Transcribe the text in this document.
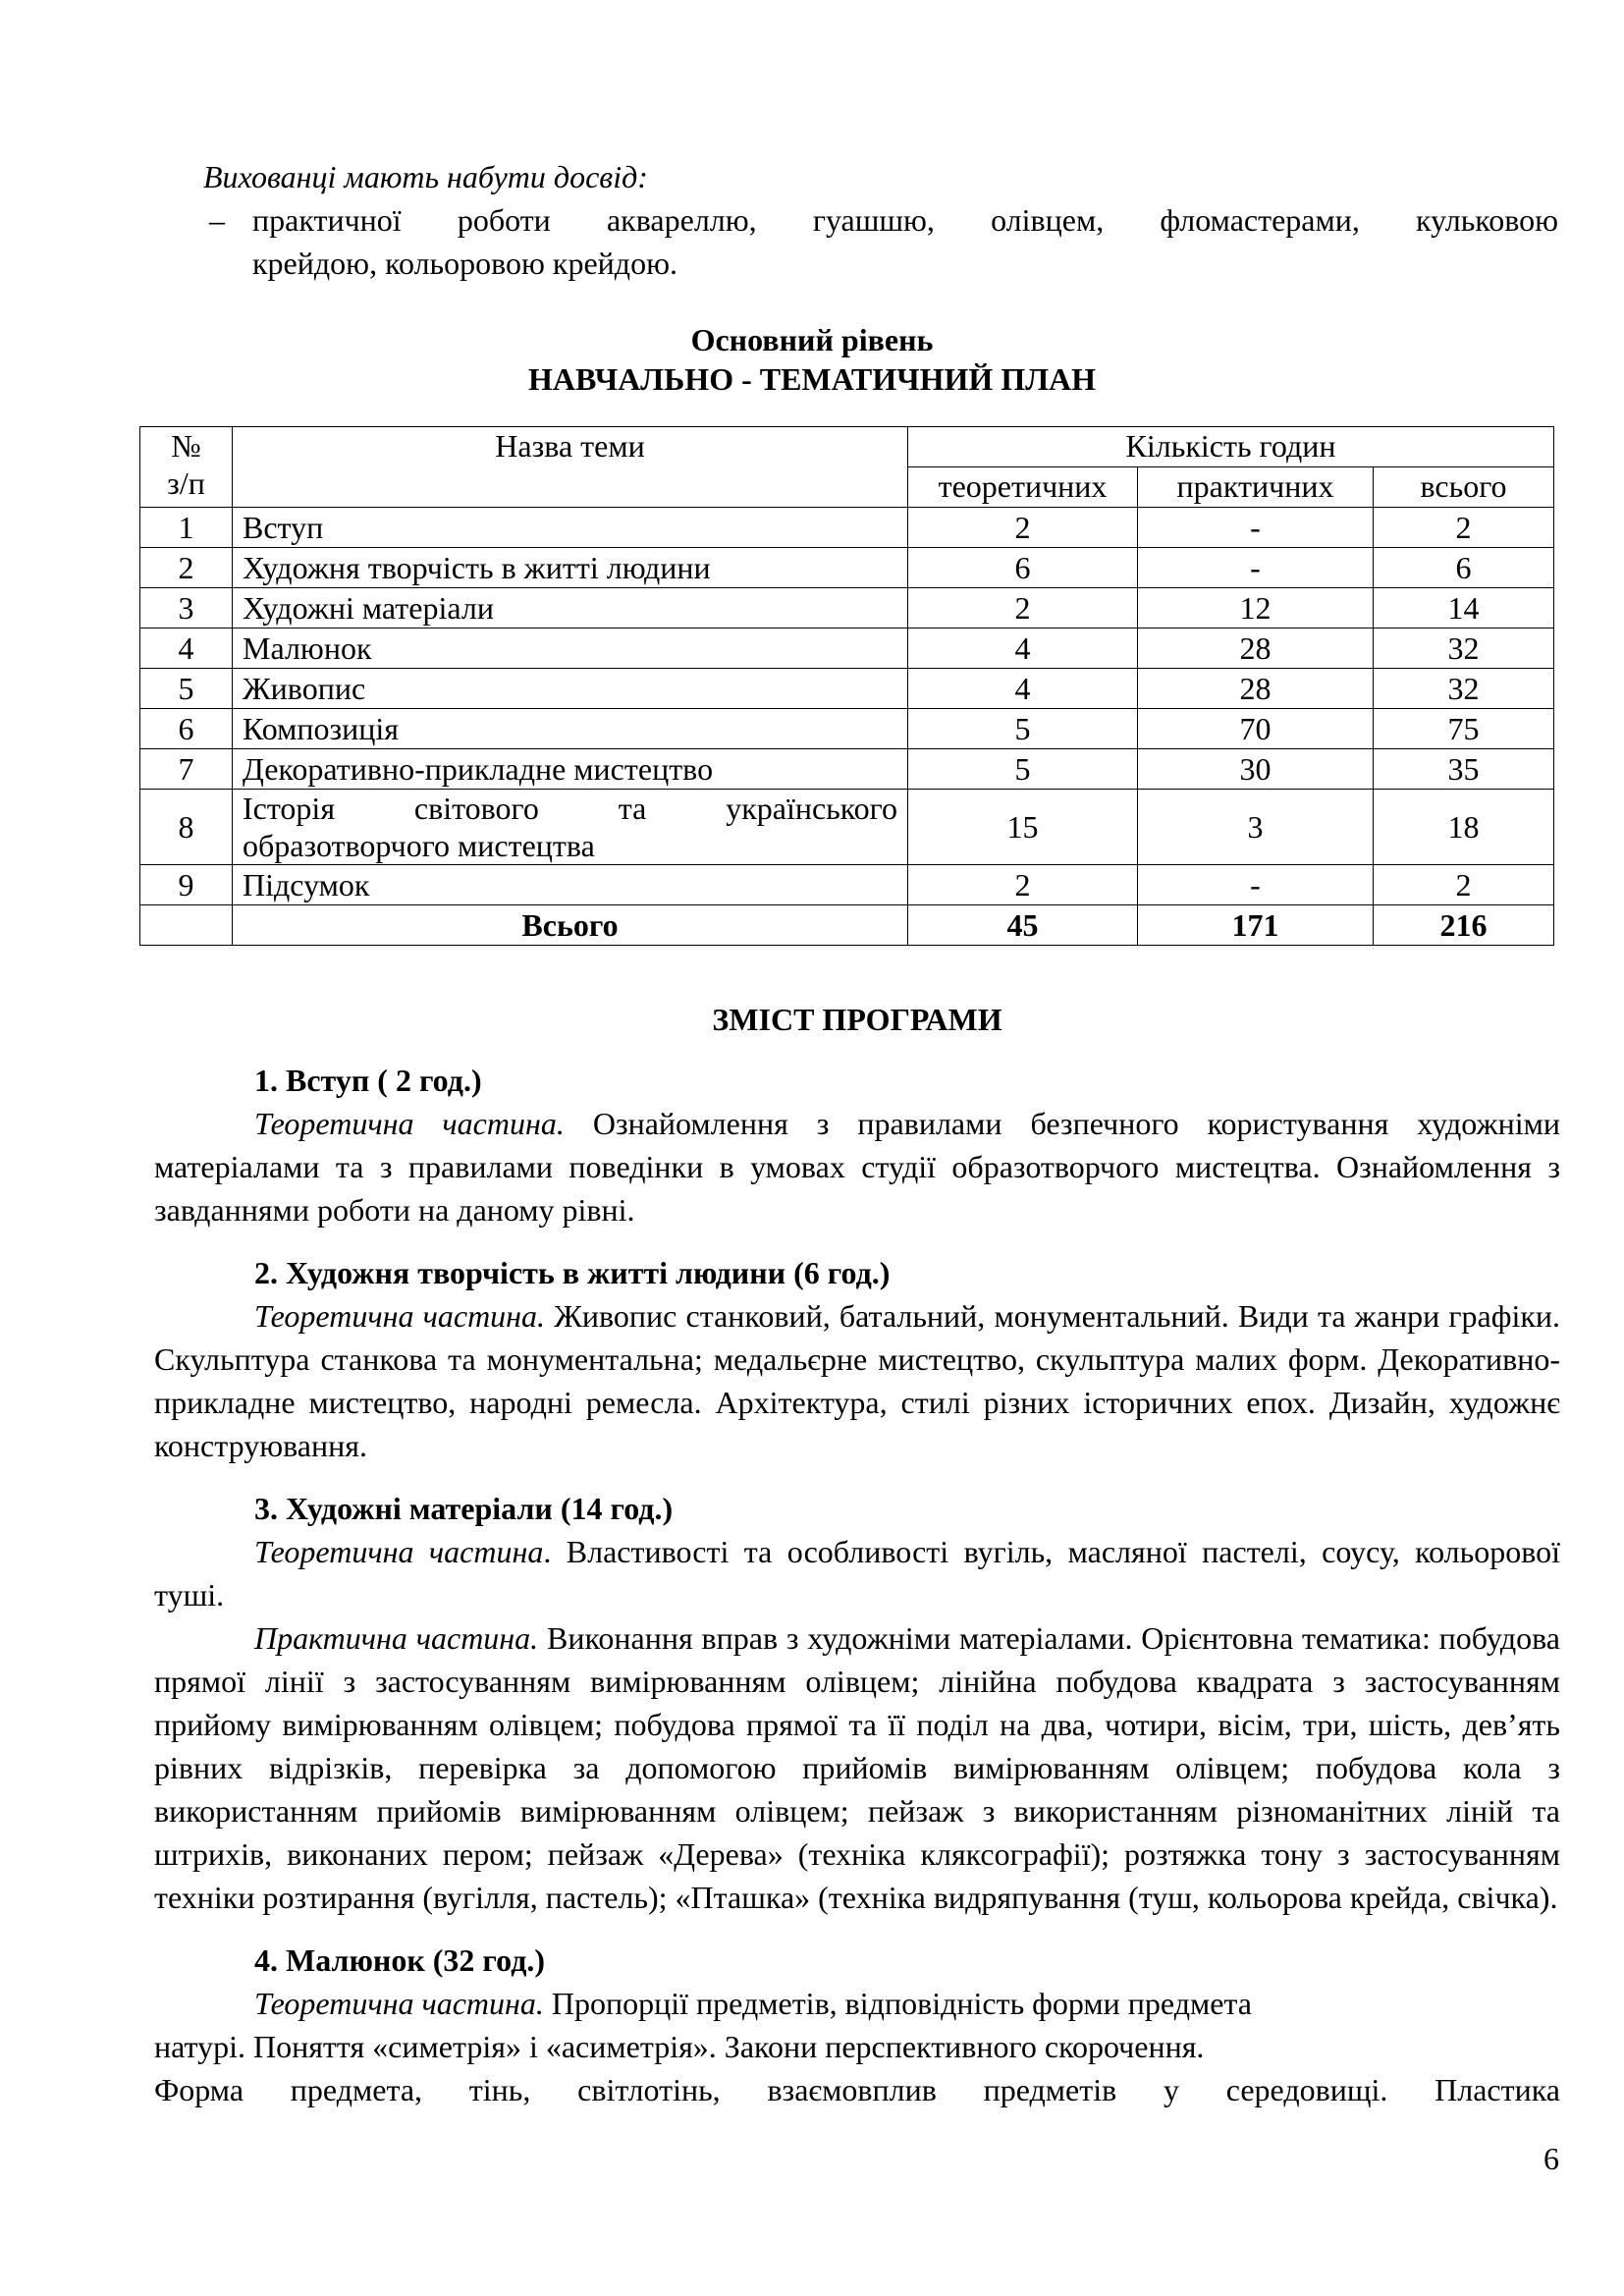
Вихованці мають набути досвід:
– практичної роботи аквареллю, гуашшю, олівцем, фломастерами, кульковою
крейдою, кольоровою крейдою.
Основний рівень
НАВЧАЛЬНО - ТЕМАТИЧНИЙ ПЛАН
№
з/п	Назва теми	Кількість годин		
		теоретичних	практичних	всього
1	Вступ	2	-	2
2	Художня творчість в житті людини	6	-	6
3	Художні матеріали	2	12	14
4	Малюнок	4	28	32
5	Живопис	4	28	32
6	Композиція	5	70	75
7	Декоративно-прикладне мистецтво	5	30	35
8	Історія світового та українського образотворчого мистецтва	15	3	18
9	Підсумок	2	-	2
	Всього	45	171	216
ЗМІСТ ПРОГРАМИ
1. Вступ ( 2 год.)
Теоретична частина. Ознайомлення з правилами безпечного користування художніми матеріалами та з правилами поведінки в умовах студії образотворчого мистецтва. Ознайомлення з завданнями роботи на даному рівні.
2. Художня творчість в житті людини (6 год.)
Теоретична частина. Живопис станковий, батальний, монументальний. Види та жанри графіки. Скульптура станкова та монументальна; медальєрне мистецтво, скульптура малих форм. Декоративно-прикладне мистецтво, народні ремесла. Архітектура, стилі різних історичних епох. Дизайн, художнє конструювання.
3. Художні матеріали (14 год.)
Теоретична частина. Властивості та особливості вугіль, масляної пастелі, соусу, кольорової туші.
Практична частина. Виконання вправ з художніми матеріалами. Орієнтовна тематика: побудова прямої лінії з застосуванням вимірюванням олівцем; лінійна побудова квадрата з застосуванням прийому вимірюванням олівцем; побудова прямої та її поділ на два, чотири, вісім, три, шість, дев’ять рівних відрізків, перевірка за допомогою прийомів вимірюванням олівцем; побудова кола з використанням прийомів вимірюванням олівцем; пейзаж з використанням різноманітних ліній та штрихів, виконаних пером; пейзаж «Дерева» (техніка кляксографії); розтяжка тону з застосуванням техніки розтирання (вугілля, пастель); «Пташка» (техніка видряпування (туш, кольорова крейда, свічка).
4. Малюнок (32 год.)
Теоретична частина. Пропорції предметів, відповідність форми предмета
натурі. Поняття «симетрія» і «асиметрія». Закони перспективного скорочення.
Форма предмета, тінь, світлотінь, взаємовплив предметів у середовищі. Пластика
6
